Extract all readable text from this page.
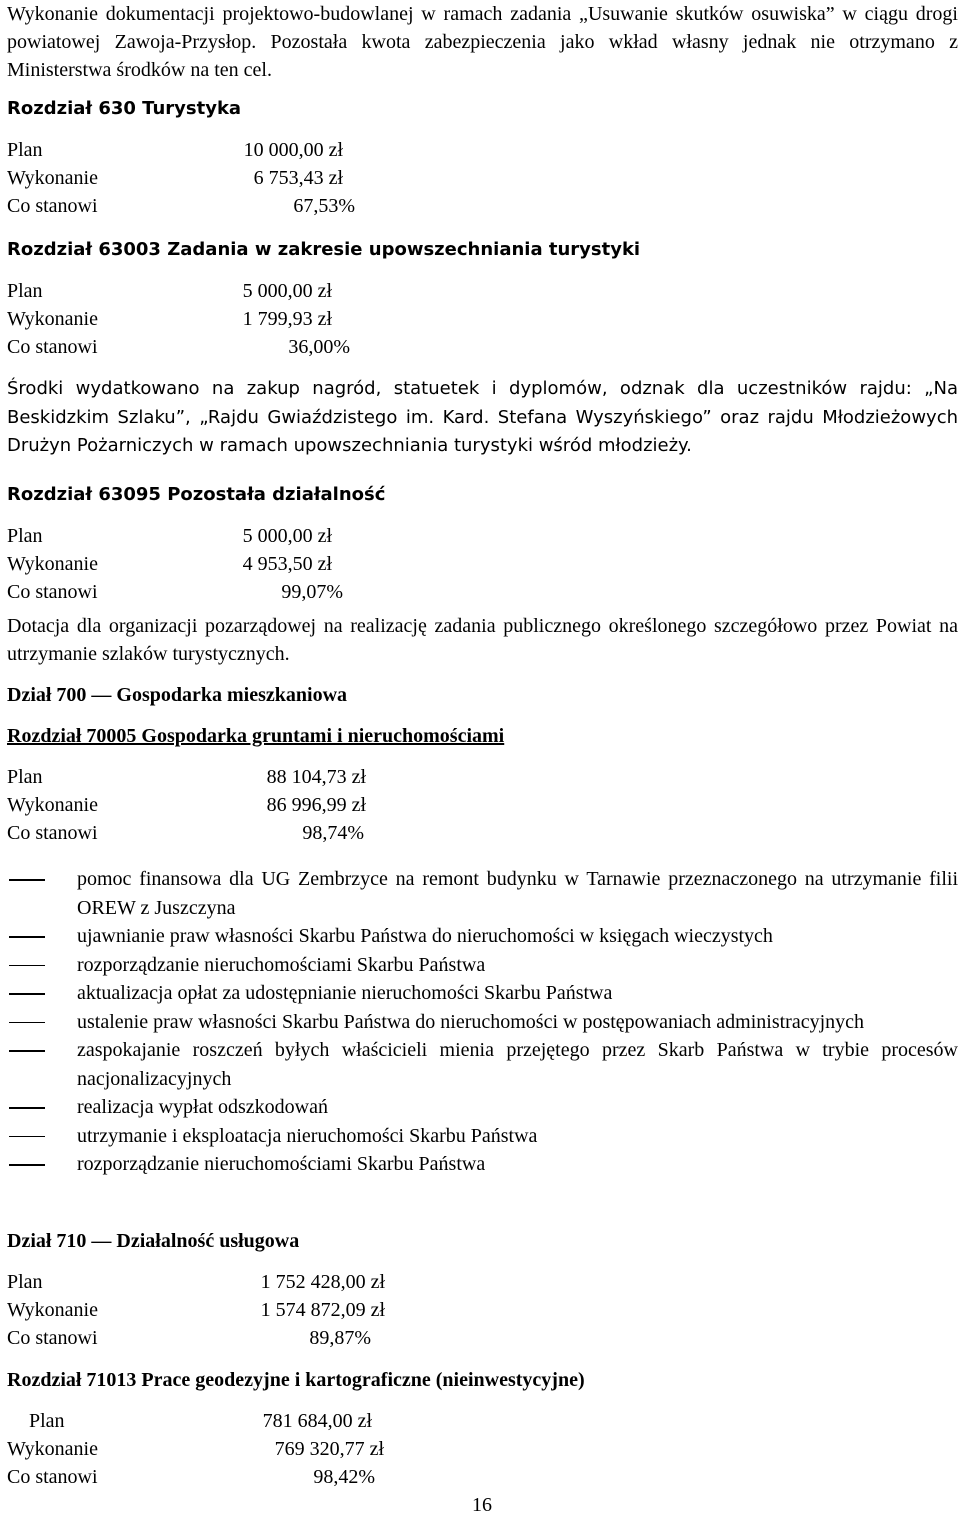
Wykonanie dokumentacji projektowo-budowlanej w ramach zadania „Usuwanie skutków osuwiska” w ciągu drogi powiatowej Zawoja-Przysłop. Pozostała kwota zabezpieczenia jako wkład własny jednak nie otrzymano z Ministerstwa środków na ten cel.

Rozdział 630 Turystyka

Plan	10 000,00 zł
Wykonanie	6 753,43 zł
Co stanowi	67,53%

Rozdział 63003 Zadania w zakresie upowszechniania turystyki

Plan	5 000,00 zł
Wykonanie	1 799,93 zł
Co stanowi	36,00%

Środki wydatkowano na zakup nagród, statuetek i dyplomów, odznak dla uczestników rajdu: „Na Beskidzkim Szlaku”, „Rajdu Gwiaździstego im. Kard. Stefana Wyszyńskiego” oraz rajdu Młodzieżowych Drużyn Pożarniczych w ramach upowszechniania turystyki wśród młodzieży.

Rozdział 63095 Pozostała działalność

Plan	5 000,00 zł
Wykonanie	4 953,50 zł
Co stanowi	99,07%

Dotacja dla organizacji pozarządowej na realizację zadania publicznego określonego szczegółowo przez Powiat na utrzymanie szlaków turystycznych.

Dział 700 — Gospodarka mieszkaniowa

Rozdział 70005 Gospodarka gruntami i nieruchomościami

Plan	88 104,73 zł
Wykonanie	86 996,99 zł
Co stanowi	98,74%
pomoc finansowa dla UG Zembrzyce na remont budynku w Tarnawie przeznaczonego na utrzymanie filii OREW z Juszczyna
ujawnianie praw własności Skarbu Państwa do nieruchomości w księgach wieczystych
rozporządzanie nieruchomościami Skarbu Państwa
aktualizacja opłat za udostępnianie nieruchomości Skarbu Państwa
ustalenie praw własności Skarbu Państwa do nieruchomości w postępowaniach administracyjnych
zaspokajanie roszczeń byłych właścicieli mienia przejętego przez Skarb Państwa w trybie procesów nacjonalizacyjnych
realizacja wypłat odszkodowań
utrzymanie i eksploatacja nieruchomości Skarbu Państwa
rozporządzanie nieruchomościami Skarbu Państwa

Dział 710 — Działalność usługowa

Plan	1 752 428,00 zł
Wykonanie	1 574 872,09 zł
Co stanowi	89,87%

Rozdział 71013 Prace geodezyjne i kartograficzne (nieinwestycyjne)

Plan	781 684,00 zł
Wykonanie	769 320,77 zł
Co stanowi	98,42%
16
